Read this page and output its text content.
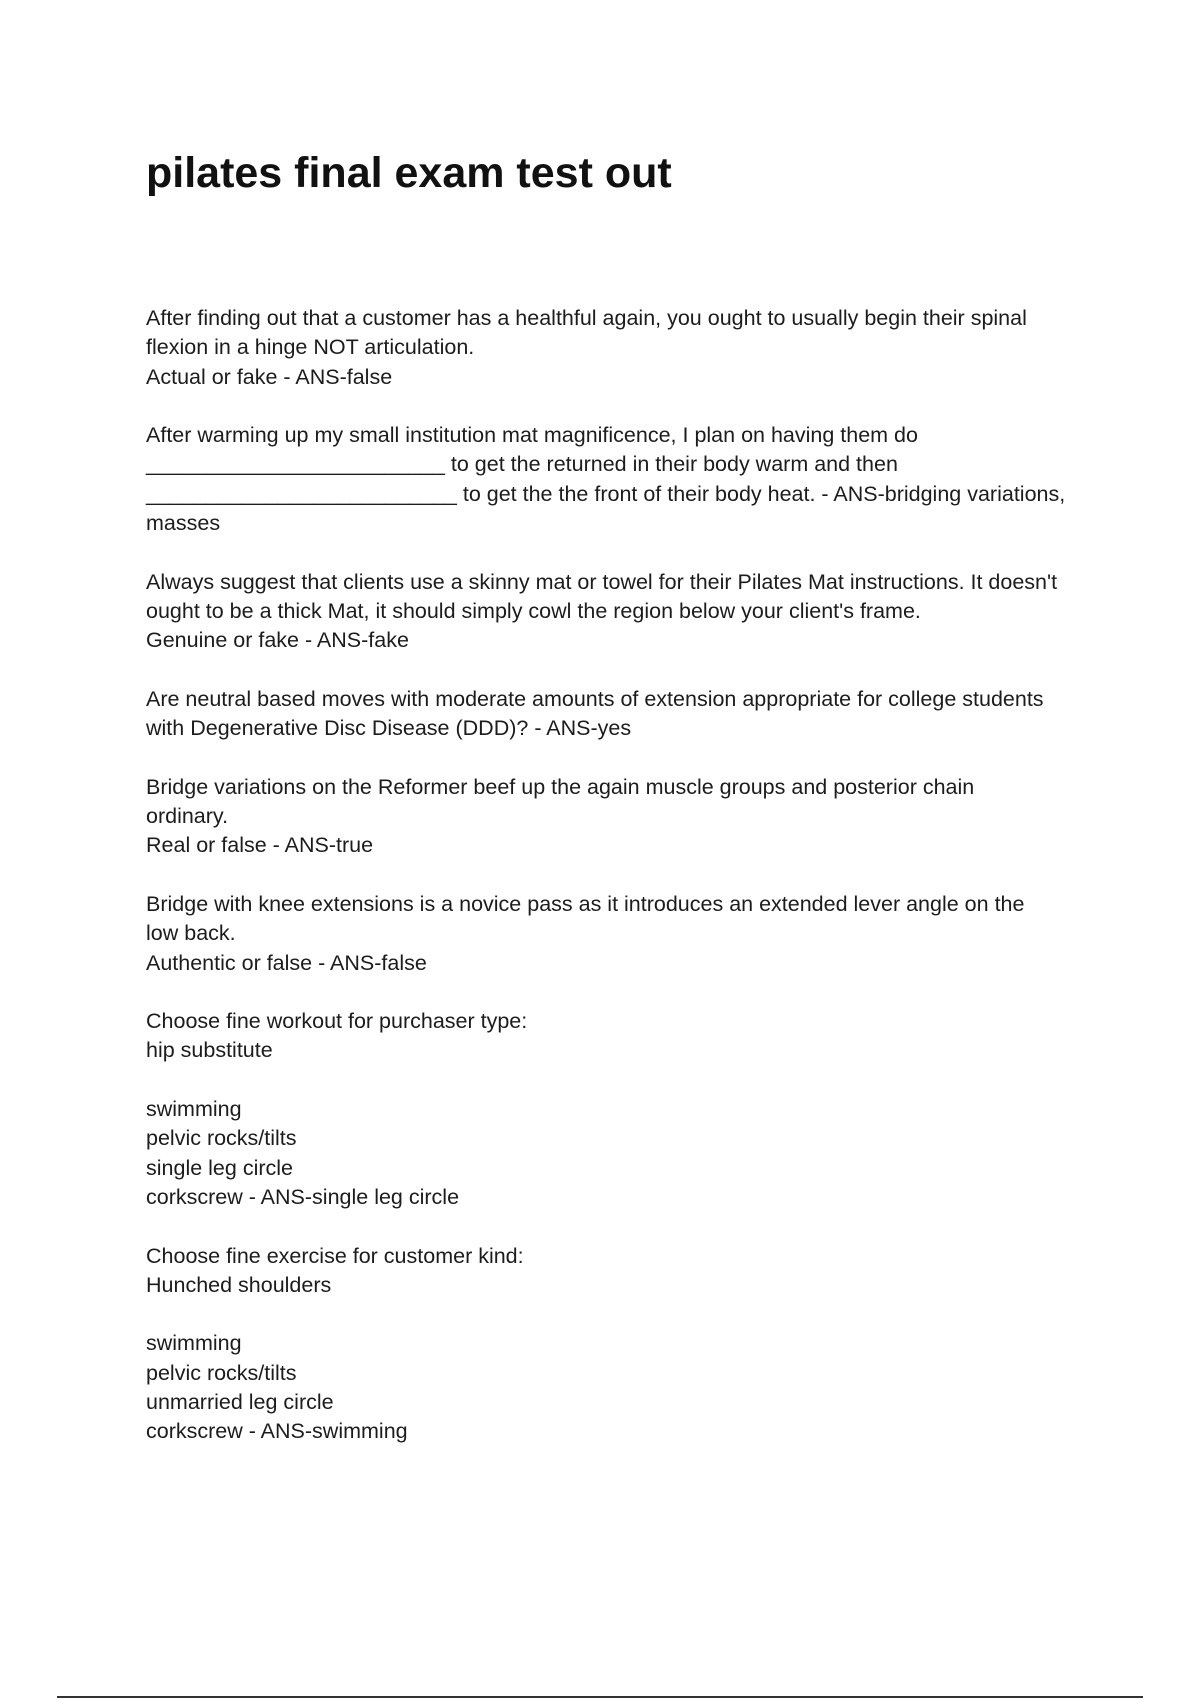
pilates final exam test out
After finding out that a customer has a healthful again, you ought to usually begin their spinal
flexion in a hinge NOT articulation.
Actual or fake - ANS-false
After warming up my small institution mat magnificence, I plan on having them do
_________________________ to get the returned in their body warm and then
__________________________ to get the the front of their body heat. - ANS-bridging variations,
masses
Always suggest that clients use a skinny mat or towel for their Pilates Mat instructions. It doesn't
ought to be a thick Mat, it should simply cowl the region below your client's frame.
Genuine or fake - ANS-fake
Are neutral based moves with moderate amounts of extension appropriate for college students
with Degenerative Disc Disease (DDD)? - ANS-yes
Bridge variations on the Reformer beef up the again muscle groups and posterior chain
ordinary.
Real or false - ANS-true
Bridge with knee extensions is a novice pass as it introduces an extended lever angle on the
low back.
Authentic or false - ANS-false
Choose fine workout for purchaser type:
hip substitute
swimming
pelvic rocks/tilts
single leg circle
corkscrew - ANS-single leg circle
Choose fine exercise for customer kind:
Hunched shoulders
swimming
pelvic rocks/tilts
unmarried leg circle
corkscrew - ANS-swimming
